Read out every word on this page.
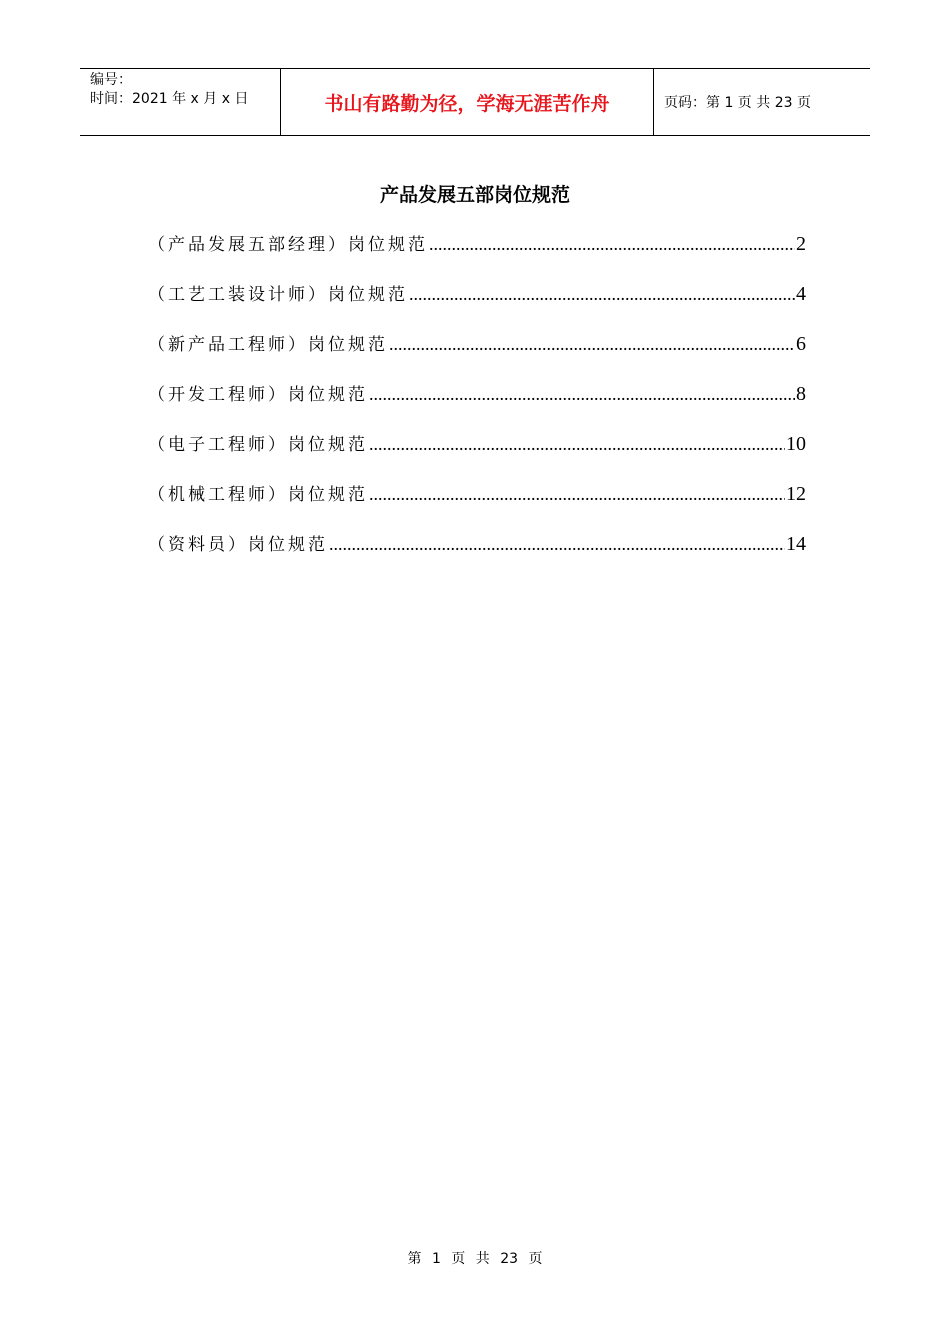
编号：
时间：2021 年 x 月 x 日	书山有路勤为径，学海无涯苦作舟	页码：第 1 页 共 23 页
产品发展五部岗位规范
（产品发展五部经理）岗位规范 .....	2
（工艺工装设计师）岗位规范 .....	4
（新产品工程师）岗位规范 .....	6
（开发工程师）岗位规范 .....	8
（电子工程师）岗位规范 .....	10
（机械工程师）岗位规范 .....	12
（资料员）岗位规范 .....	14
第 1 页 共 23 页
